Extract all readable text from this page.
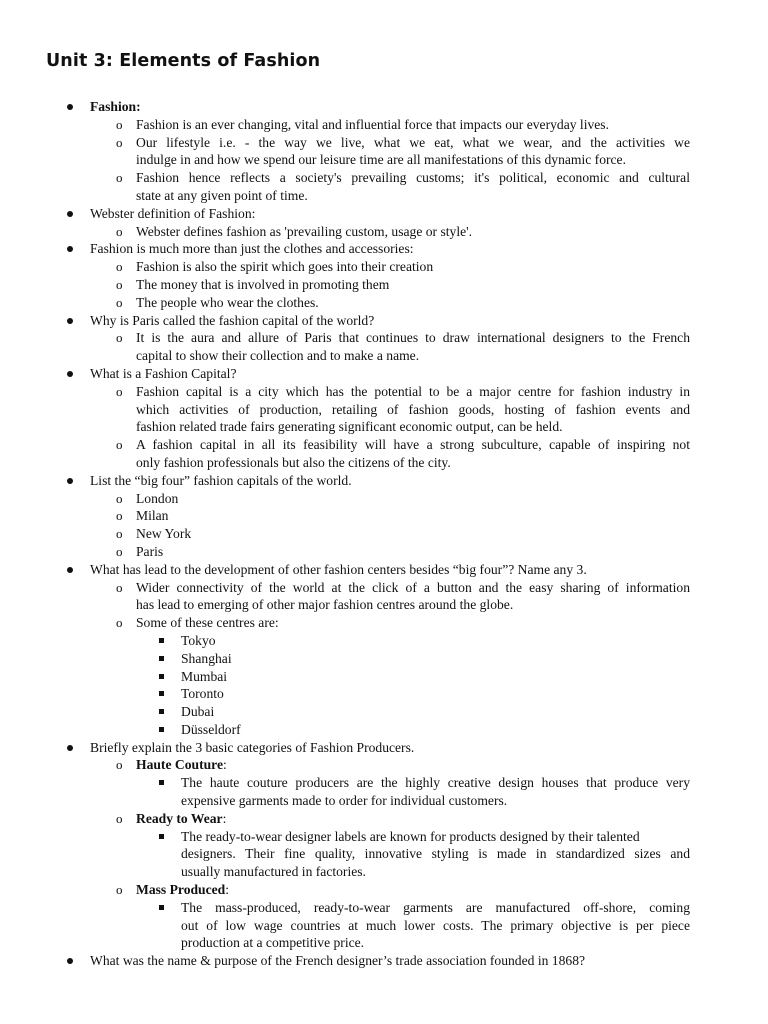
Unit 3: Elements of Fashion
Fashion:
o Fashion is an ever changing, vital and influential force that impacts our everyday lives.
o Our lifestyle i.e. - the way we live, what we eat, what we wear, and the activities we
indulge in and how we spend our leisure time are all manifestations of this dynamic force.
o Fashion hence reflects a society's prevailing customs; it's political, economic and cultural
state at any given point of time.
Webster definition of Fashion:
o Webster defines fashion as 'prevailing custom, usage or style'.
Fashion is much more than just the clothes and accessories:
o Fashion is also the spirit which goes into their creation
o The money that is involved in promoting them
o The people who wear the clothes.
Why is Paris called the fashion capital of the world?
o It is the aura and allure of Paris that continues to draw international designers to the French
capital to show their collection and to make a name.
What is a Fashion Capital?
o Fashion capital is a city which has the potential to be a major centre for fashion industry in
which activities of production, retailing of fashion goods, hosting of fashion events and
fashion related trade fairs generating significant economic output, can be held.
o A fashion capital in all its feasibility will have a strong subculture, capable of inspiring not
only fashion professionals but also the citizens of the city.
List the “big four” fashion capitals of the world.
o London
o Milan
o New York
o Paris
What has lead to the development of other fashion centers besides “big four”? Name any 3.
o Wider connectivity of the world at the click of a button and the easy sharing of information
has lead to emerging of other major fashion centres around the globe.
o Some of these centres are:
Tokyo
Shanghai
Mumbai
Toronto
Dubai
Düsseldorf
Briefly explain the 3 basic categories of Fashion Producers.
o Haute Couture:
The haute couture producers are the highly creative design houses that produce very
expensive garments made to order for individual customers.
o Ready to Wear:
The ready-to-wear designer labels are known for products designed by their talented
designers. Their fine quality, innovative styling is made in standardized sizes and
usually manufactured in factories.
o Mass Produced:
The mass-produced, ready-to-wear garments are manufactured off-shore, coming
out of low wage countries at much lower costs. The primary objective is per piece
production at a competitive price.
What was the name & purpose of the French designer’s trade association founded in 1868?
